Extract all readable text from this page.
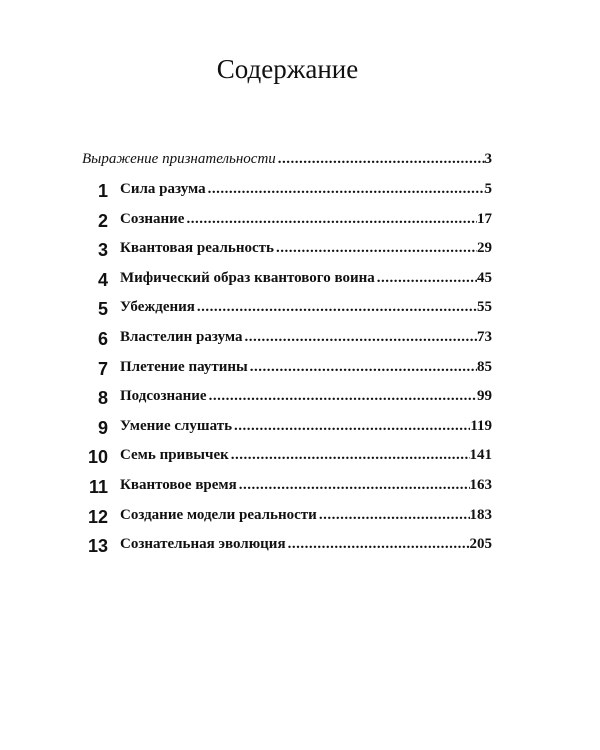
Содержание
Выражение признательности .....	3
1 Сила разума .....	5
2 Сознание .....	17
3 Квантовая реальность .....	29
4 Мифический образ квантового воина .....	45
5 Убеждения .....	55
6 Властелин разума .....	73
7 Плетение паутины .....	85
8 Подсознание .....	99
9 Умение слушать .....	119
10 Семь привычек .....	141
11 Квантовое время .....	163
12 Создание модели реальности .....	183
13 Сознательная эволюция .....	205
